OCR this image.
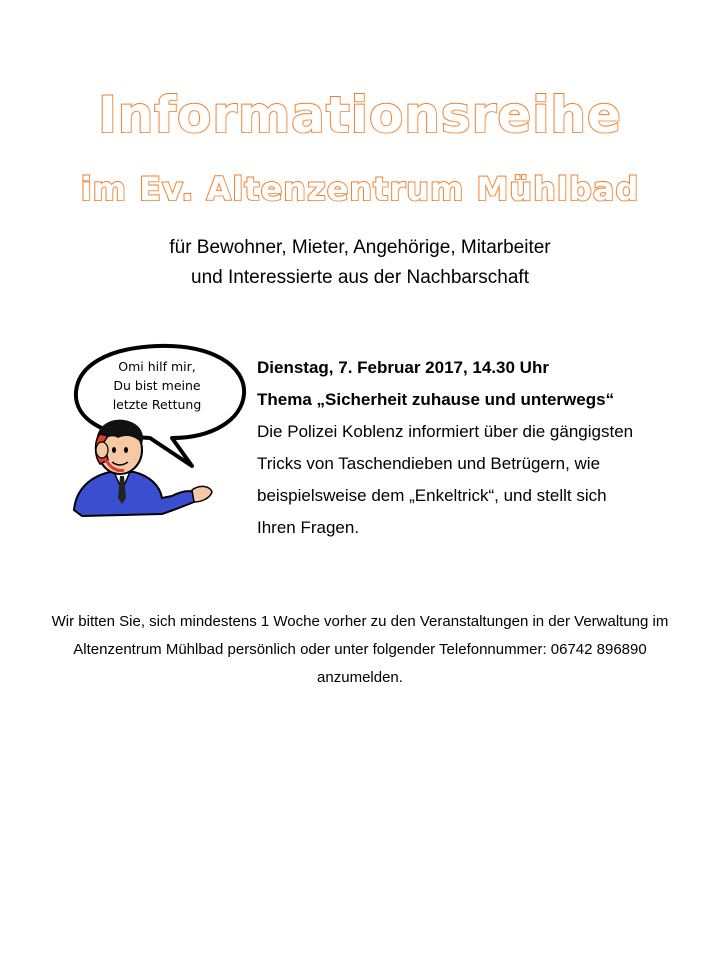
Informationsreihe
im Ev. Altenzentrum Mühlbad
für Bewohner, Mieter, Angehörige, Mitarbeiter
und Interessierte aus der Nachbarschaft
Omi hilf mir,
Du bist meine
letzte Rettung
Dienstag, 7. Februar 2017, 14.30 Uhr
Thema „Sicherheit zuhause und unterwegs“
Die Polizei Koblenz informiert über die gängigsten
Tricks von Taschendieben und Betrügern, wie
beispielsweise dem „Enkeltrick“, und stellt sich
Ihren Fragen.
Wir bitten Sie, sich mindestens 1 Woche vorher zu den Veranstaltungen in der Verwaltung im
Altenzentrum Mühlbad persönlich oder unter folgender Telefonnummer: 06742 896890
anzumelden.
